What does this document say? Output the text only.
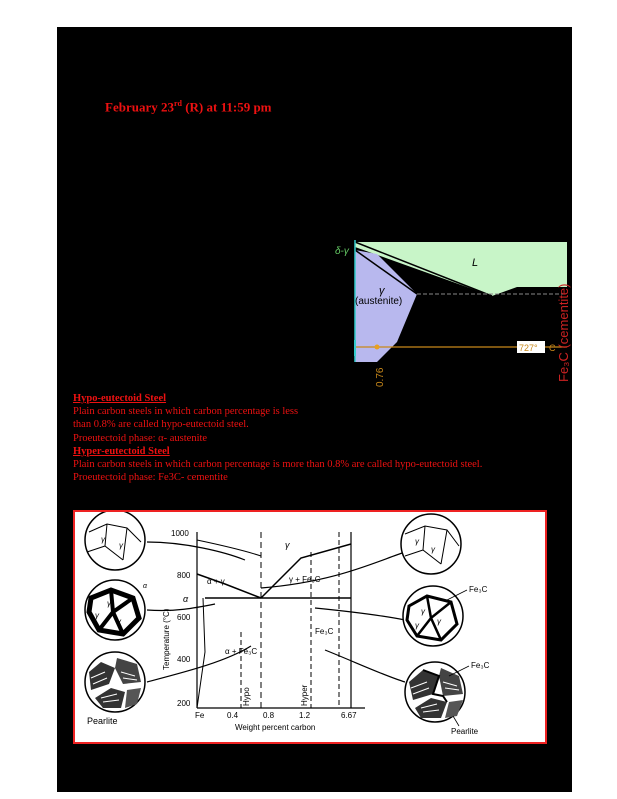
February 23rd (R) at 11:59 pm
δ-γ
L
γ
(austenite)
727° C
0.76	Fe₃C (cementite)
Hypo-eutectoid Steel
Plain carbon steels in which carbon percentage is less
than 0.8% are called hypo-eutectoid steel.
Proeutectoid phase: α- austenite
Hyper-eutectoid Steel
Plain carbon steels in which carbon percentage is more than 0.8% are called hypo-eutectoid steel.
Proeutectoid phase: Fe3C- cementite
γ
γ
γ
γ
γ
α
Pearlite
1000
800
600
400
200
Temperature (°C)
Fe	0.4	0.8	1.2	6.67
Weight percent carbon
γ
α
α + γ	γ + Fe₃C
α + Fe₃C
Fe₃C
Hypo	Hyper
γ
γ
γ
γ
γ
Fe₃C
Fe₃C
Pearlite
